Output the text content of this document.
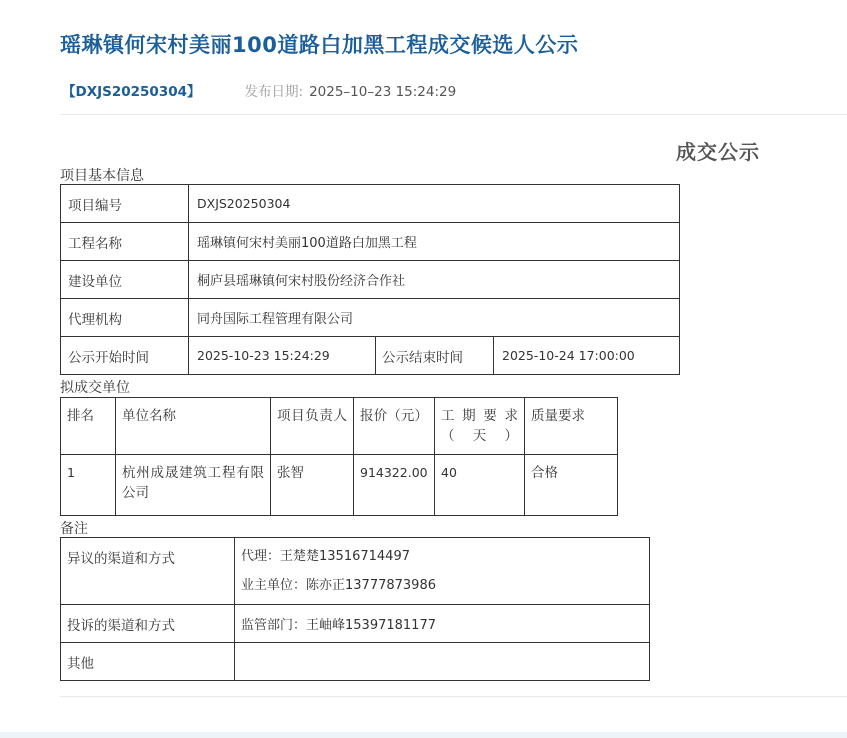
瑶琳镇何宋村美丽100道路白加黑工程成交候选人公示
【DXJS20250304】	发布日期: 2025–10–23 15:24:29
成交公示
项目基本信息
项目编号	DXJS20250304		
工程名称	瑶琳镇何宋村美丽100道路白加黑工程		
建设单位	桐庐县瑶琳镇何宋村股份经济合作社		
代理机构	同舟国际工程管理有限公司		
公示开始时间	2025-10-23 15:24:29	公示结束时间	2025-10-24 17:00:00
拟成交单位
排名	单位名称	项目负责人	报价（元）	工期要求（天）	质量要求
1	杭州成晟建筑工程有限公司	张智	914322.00	40	合格
备注
异议的渠道和方式	代理：王楚楚13516714497
业主单位：陈亦正13777873986

投诉的渠道和方式	监管部门：王岫峰15397181177
其他	
